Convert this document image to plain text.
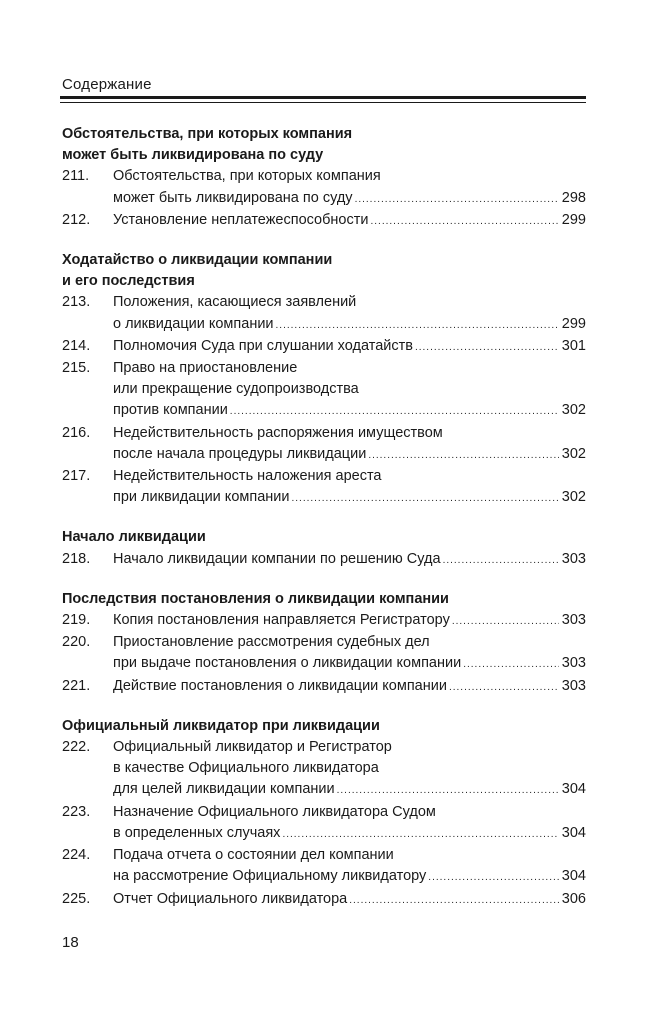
Содержание
Обстоятельства, при которых компания
может быть ликвидирована по суду
211.	Обстоятельства, при которых компания
может быть ликвидирована по суду .....	298
212.	Установление неплатежеспособности .....	299
Ходатайство о ликвидации компании
и его последствия
213.	Положения, касающиеся заявлений
о ликвидации компании .....	299
214.	Полномочия Суда при слушании ходатайств .....	301
215.	Право на приостановление
или прекращение судопроизводства
против компании .....	302
216.	Недействительность распоряжения имуществом
после начала процедуры ликвидации .....	302
217.	Недействительность наложения ареста
при ликвидации компании .....	302
Начало ликвидации
218.	Начало ликвидации компании по решению Суда .....	303
Последствия постановления о ликвидации компании
219.	Копия постановления направляется Регистратору .....	303
220.	Приостановление рассмотрения судебных дел
при выдаче постановления о ликвидации компании .....	303
221.	Действие постановления о ликвидации компании .....	303
Официальный ликвидатор при ликвидации
222.	Официальный ликвидатор и Регистратор
в качестве Официального ликвидатора
для целей ликвидации компании .....	304
223.	Назначение Официального ликвидатора Судом
в определенных случаях .....	304
224.	Подача отчета о состоянии дел компании
на рассмотрение Официальному ликвидатору .....	304
225.	Отчет Официального ликвидатора .....	306
18
